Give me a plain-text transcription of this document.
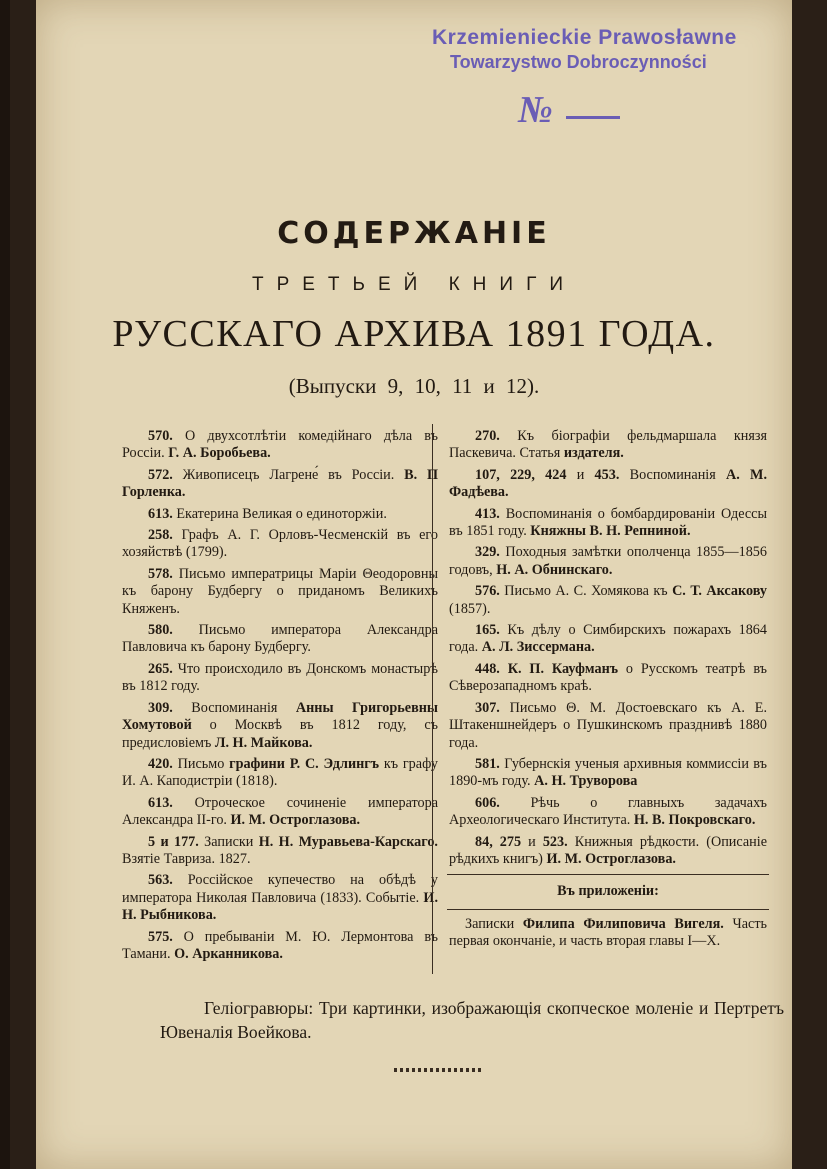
Krzemienieckie Prawosławne
Towarzystwo Dobroczynności
№
СОДЕРЖАНІЕ
ТРЕТЬЕЙ КНИГИ
РУССКАГО АРХИВА 1891 ГОДА.
(Выпуски 9, 10, 11 и 12).

570. О двухсотлѣтіи комедійнаго дѣла въ Россіи. Г. А. Боробьева.

572. Живописецъ Лагрене́ въ Россіи. В. П Горленка.

613. Екатерина Великая о единоторжіи.

258. Графъ А. Г. Орловъ-Чесменскій въ его хозяйствѣ (1799).

578. Письмо императрицы Маріи Θеодоровны къ барону Будбергу о приданомъ Великихъ Княженъ.

580. Письмо императора Александра Павловича къ барону Будбергу.

265. Что происходило въ Донскомъ монастырѣ въ 1812 году.

309. Воспоминанія Анны Григорьевны Хомутовой о Москвѣ въ 1812 году, съ предисловіемъ Л. Н. Майкова.

420. Письмо графини Р. С. Эдлингъ къ графу И. А. Каподистріи (1818).

613. Отроческое сочиненіе императора Александра II-го. И. М. Остроглазова.

5 и 177. Записки Н. Н. Муравьева-Карскаго. Взятіе Тавриза. 1827.

563. Россійское купечество на обѣдѣ у императора Николая Павловича (1833). Событіе. И. Н. Рыбникова.

575. О пребываніи М. Ю. Лермонтова въ Тамани. О. Арканникова.

270. Къ біографіи фельдмаршала князя Паскевича. Статья издателя.

107, 229, 424 и 453. Воспоминанія А. М. Фадѣева.

413. Воспоминанія о бомбардированіи Одессы въ 1851 году. Княжны В. Н. Репниной.

329. Походныя замѣтки ополченца 1855—1856 годовъ, Н. А. Обнинскаго.

576. Письмо А. С. Хомякова къ С. Т. Аксакову (1857).

165. Къ дѣлу о Симбирскихъ пожарахъ 1864 года. А. Л. Зиссермана.

448. К. П. Кауфманъ о Русскомъ театрѣ въ Сѣверозападномъ краѣ.

307. Письмо Θ. М. Достоевскаго къ А. Е. Штакеншнейдеръ о Пушкинскомъ празднивѣ 1880 года.

581. Губернскія ученыя архивныя коммиссіи въ 1890-мъ году. А. Н. Труворова

606. Рѣчь о главныхъ задачахъ Археологическаго Института. Н. В. Покровскаго.

84, 275 и 523. Книжныя рѣдкости. (Описаніе рѣдкихъ книгъ) И. М. Остроглазова.

Въ приложеніи:

Записки Филипа Филиповича Вигеля. Часть первая окончаніе, и часть вторая главы I—X.

Геліогравюры: Три картинки, изображающія скопческое моленіе и Пертретъ Ювеналія Воейкова.
